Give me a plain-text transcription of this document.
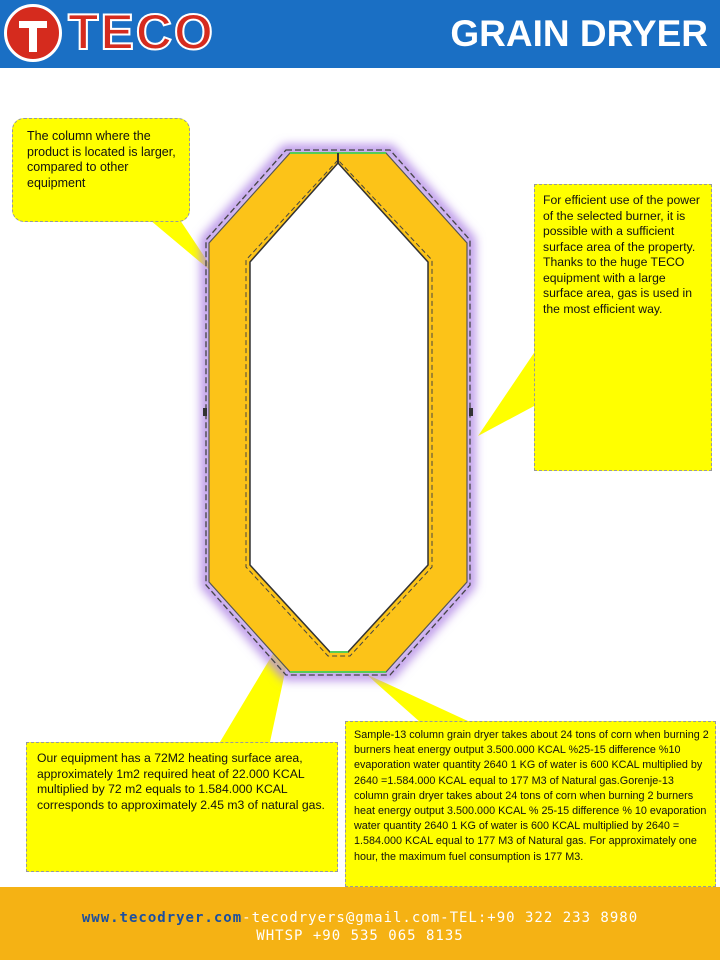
TECO	GRAIN DRYER
The column where the product is located is larger, compared to other equipment
For efficient use of the power of the selected burner, it is possible with a sufficient surface area of the property. Thanks to the huge TECO equipment with a large surface area, gas is used in the most efficient way.
Our equipment has a 72M2 heating surface area, approximately 1m2 required heat of 22.000 KCAL multiplied by 72 m2 equals to 1.584.000 KCAL corresponds to approximately 2.45 m3 of natural gas.
Sample-13 column grain dryer takes about 24 tons of corn when burning 2 burners heat energy output 3.500.000 KCAL %25-15 difference %10 evaporation water quantity 2640 1 KG of water is 600 KCAL multiplied by 2640 =1.584.000 KCAL equal to 177 M3 of Natural gas.Gorenje-13 column grain dryer takes about 24 tons of corn when burning 2 burners heat energy output 3.500.000 KCAL % 25-15 difference % 10 evaporation water quantity 2640 1 KG of water is 600 KCAL multiplied by 2640 = 1.584.000 KCAL equal to 177 M3 of Natural gas. For approximately one hour, the maximum fuel consumption is 177 M3.
www.tecodryer.com-tecodryers@gmail.com-TEL:+90 322 233 8980
WHTSP +90 535 065 8135
